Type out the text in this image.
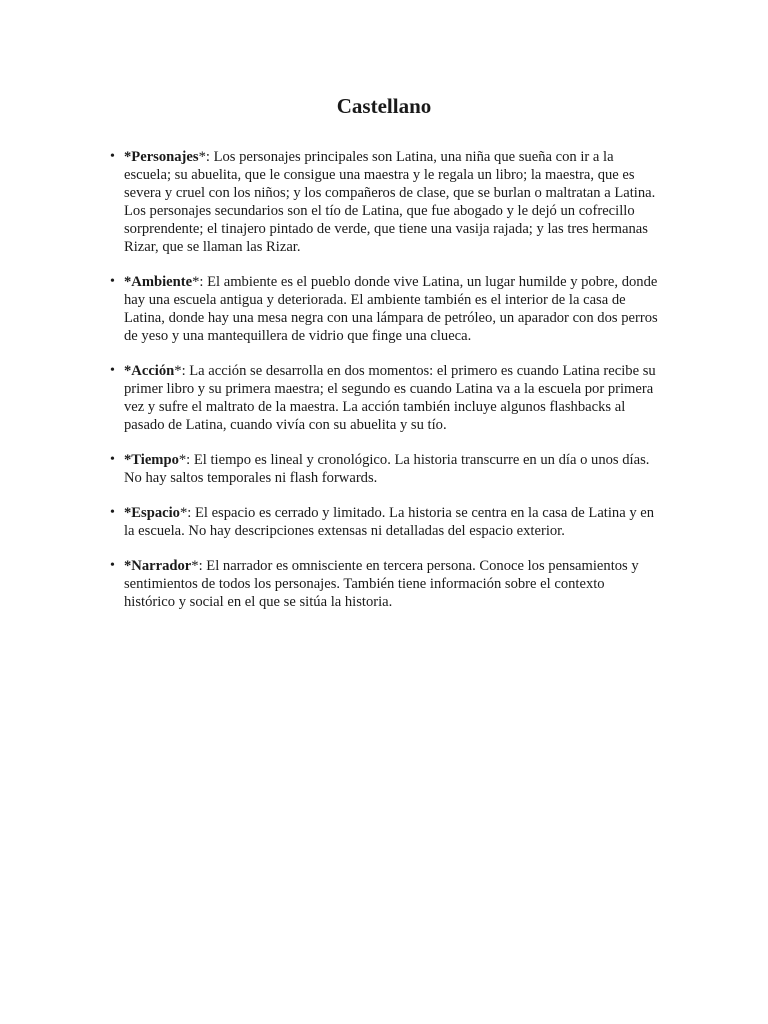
Castellano
• *Personajes*: Los personajes principales son Latina, una niña que sueña con ir a la escuela; su abuelita, que le consigue una maestra y le regala un libro; la maestra, que es severa y cruel con los niños; y los compañeros de clase, que se burlan o maltratan a Latina. Los personajes secundarios son el tío de Latina, que fue abogado y le dejó un cofrecillo sorprendente; el tinajero pintado de verde, que tiene una vasija rajada; y las tres hermanas Rizar, que se llaman las Rizar.
• *Ambiente*: El ambiente es el pueblo donde vive Latina, un lugar humilde y pobre, donde hay una escuela antigua y deteriorada. El ambiente también es el interior de la casa de Latina, donde hay una mesa negra con una lámpara de petróleo, un aparador con dos perros de yeso y una mantequillera de vidrio que finge una clueca.
• *Acción*: La acción se desarrolla en dos momentos: el primero es cuando Latina recibe su primer libro y su primera maestra; el segundo es cuando Latina va a la escuela por primera vez y sufre el maltrato de la maestra. La acción también incluye algunos flashbacks al pasado de Latina, cuando vivía con su abuelita y su tío.
• *Tiempo*: El tiempo es lineal y cronológico. La historia transcurre en un día o unos días. No hay saltos temporales ni flash forwards.
• *Espacio*: El espacio es cerrado y limitado. La historia se centra en la casa de Latina y en la escuela. No hay descripciones extensas ni detalladas del espacio exterior.
• *Narrador*: El narrador es omnisciente en tercera persona. Conoce los pensamientos y sentimientos de todos los personajes. También tiene información sobre el contexto histórico y social en el que se sitúa la historia.
